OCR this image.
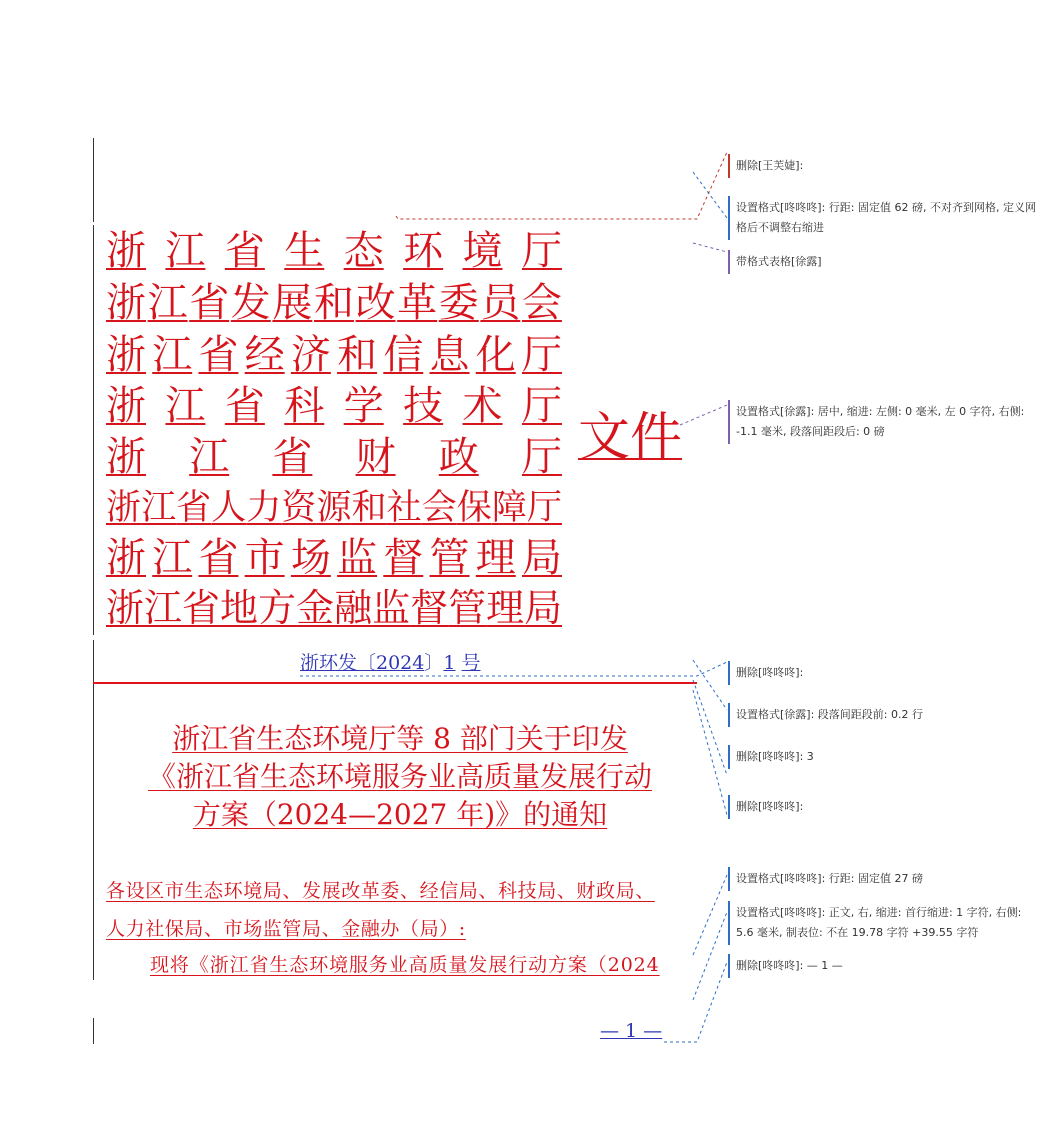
浙 江 省 生 态 环 境 厅
浙 江 省 发 展 和 改 革 委 员 会
浙 江 省 经 济 和 信 息 化 厅
浙 江 省 科 学 技 术 厅
浙 江 省 财 政 厅
浙 江 省 人 力 资 源 和 社 会 保 障 厅
浙 江 省 市 场 监 督 管 理 局
浙 江 省 地 方 金 融 监 督 管 理 局
文件
浙环发〔2024〕1 号
浙江省生态环境厅等 8 部门关于印发
《浙江省生态环境服务业高质量发展行动
方案（2024—2027 年)》的通知
各设区市生态环境局、发展改革委、经信局、科技局、财政局、
人力社保局、市场监管局、金融办（局）:
现将《浙江省生态环境服务业高质量发展行动方案（2024
— 1 —
删除[王芙婕]:
设置格式[咚咚咚]: 行距: 固定值 62 磅, 不对齐到网格, 定义网格后不调整右缩进
带格式表格[徐露]
设置格式[徐露]: 居中, 缩进: 左侧: 0 毫米, 左 0 字符, 右侧: -1.1 毫米, 段落间距段后: 0 磅
删除[咚咚咚]:
设置格式[徐露]: 段落间距段前: 0.2 行
删除[咚咚咚]: 3
删除[咚咚咚]:
设置格式[咚咚咚]: 行距: 固定值 27 磅
设置格式[咚咚咚]: 正文, 右, 缩进: 首行缩进: 1 字符, 右侧: 5.6 毫米, 制表位: 不在 19.78 字符 +39.55 字符
删除[咚咚咚]: — 1 —
